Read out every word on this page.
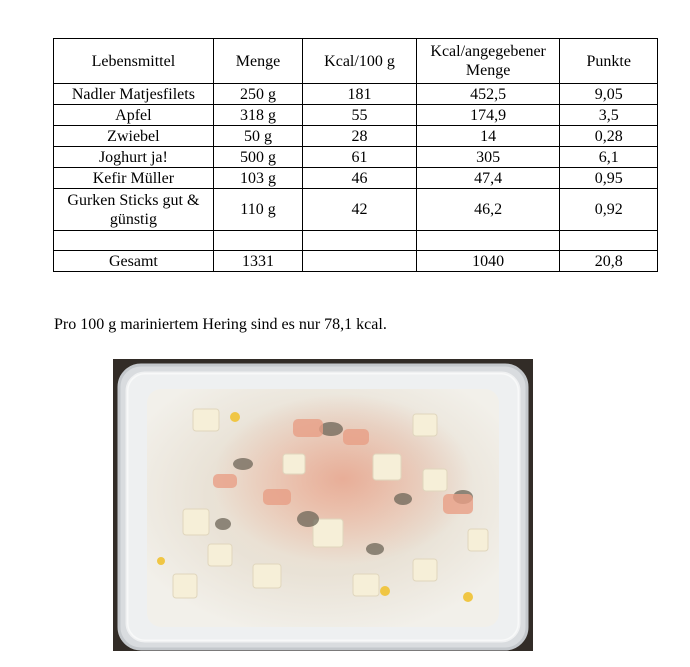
Lebensmittel	Menge	Kcal/100 g	Kcal/angegebener Menge	Punkte
Nadler Matjesfilets	250 g	181	452,5	9,05
Apfel	318 g	55	174,9	3,5
Zwiebel	50 g	28	14	0,28
Joghurt ja!	500 g	61	305	6,1
Kefir Müller	103 g	46	47,4	0,95
Gurken Sticks gut & günstig	110 g	42	46,2	0,92

Gesamt	1331		1040	20,8
Pro 100 g mariniertem Hering sind es nur 78,1 kcal.
